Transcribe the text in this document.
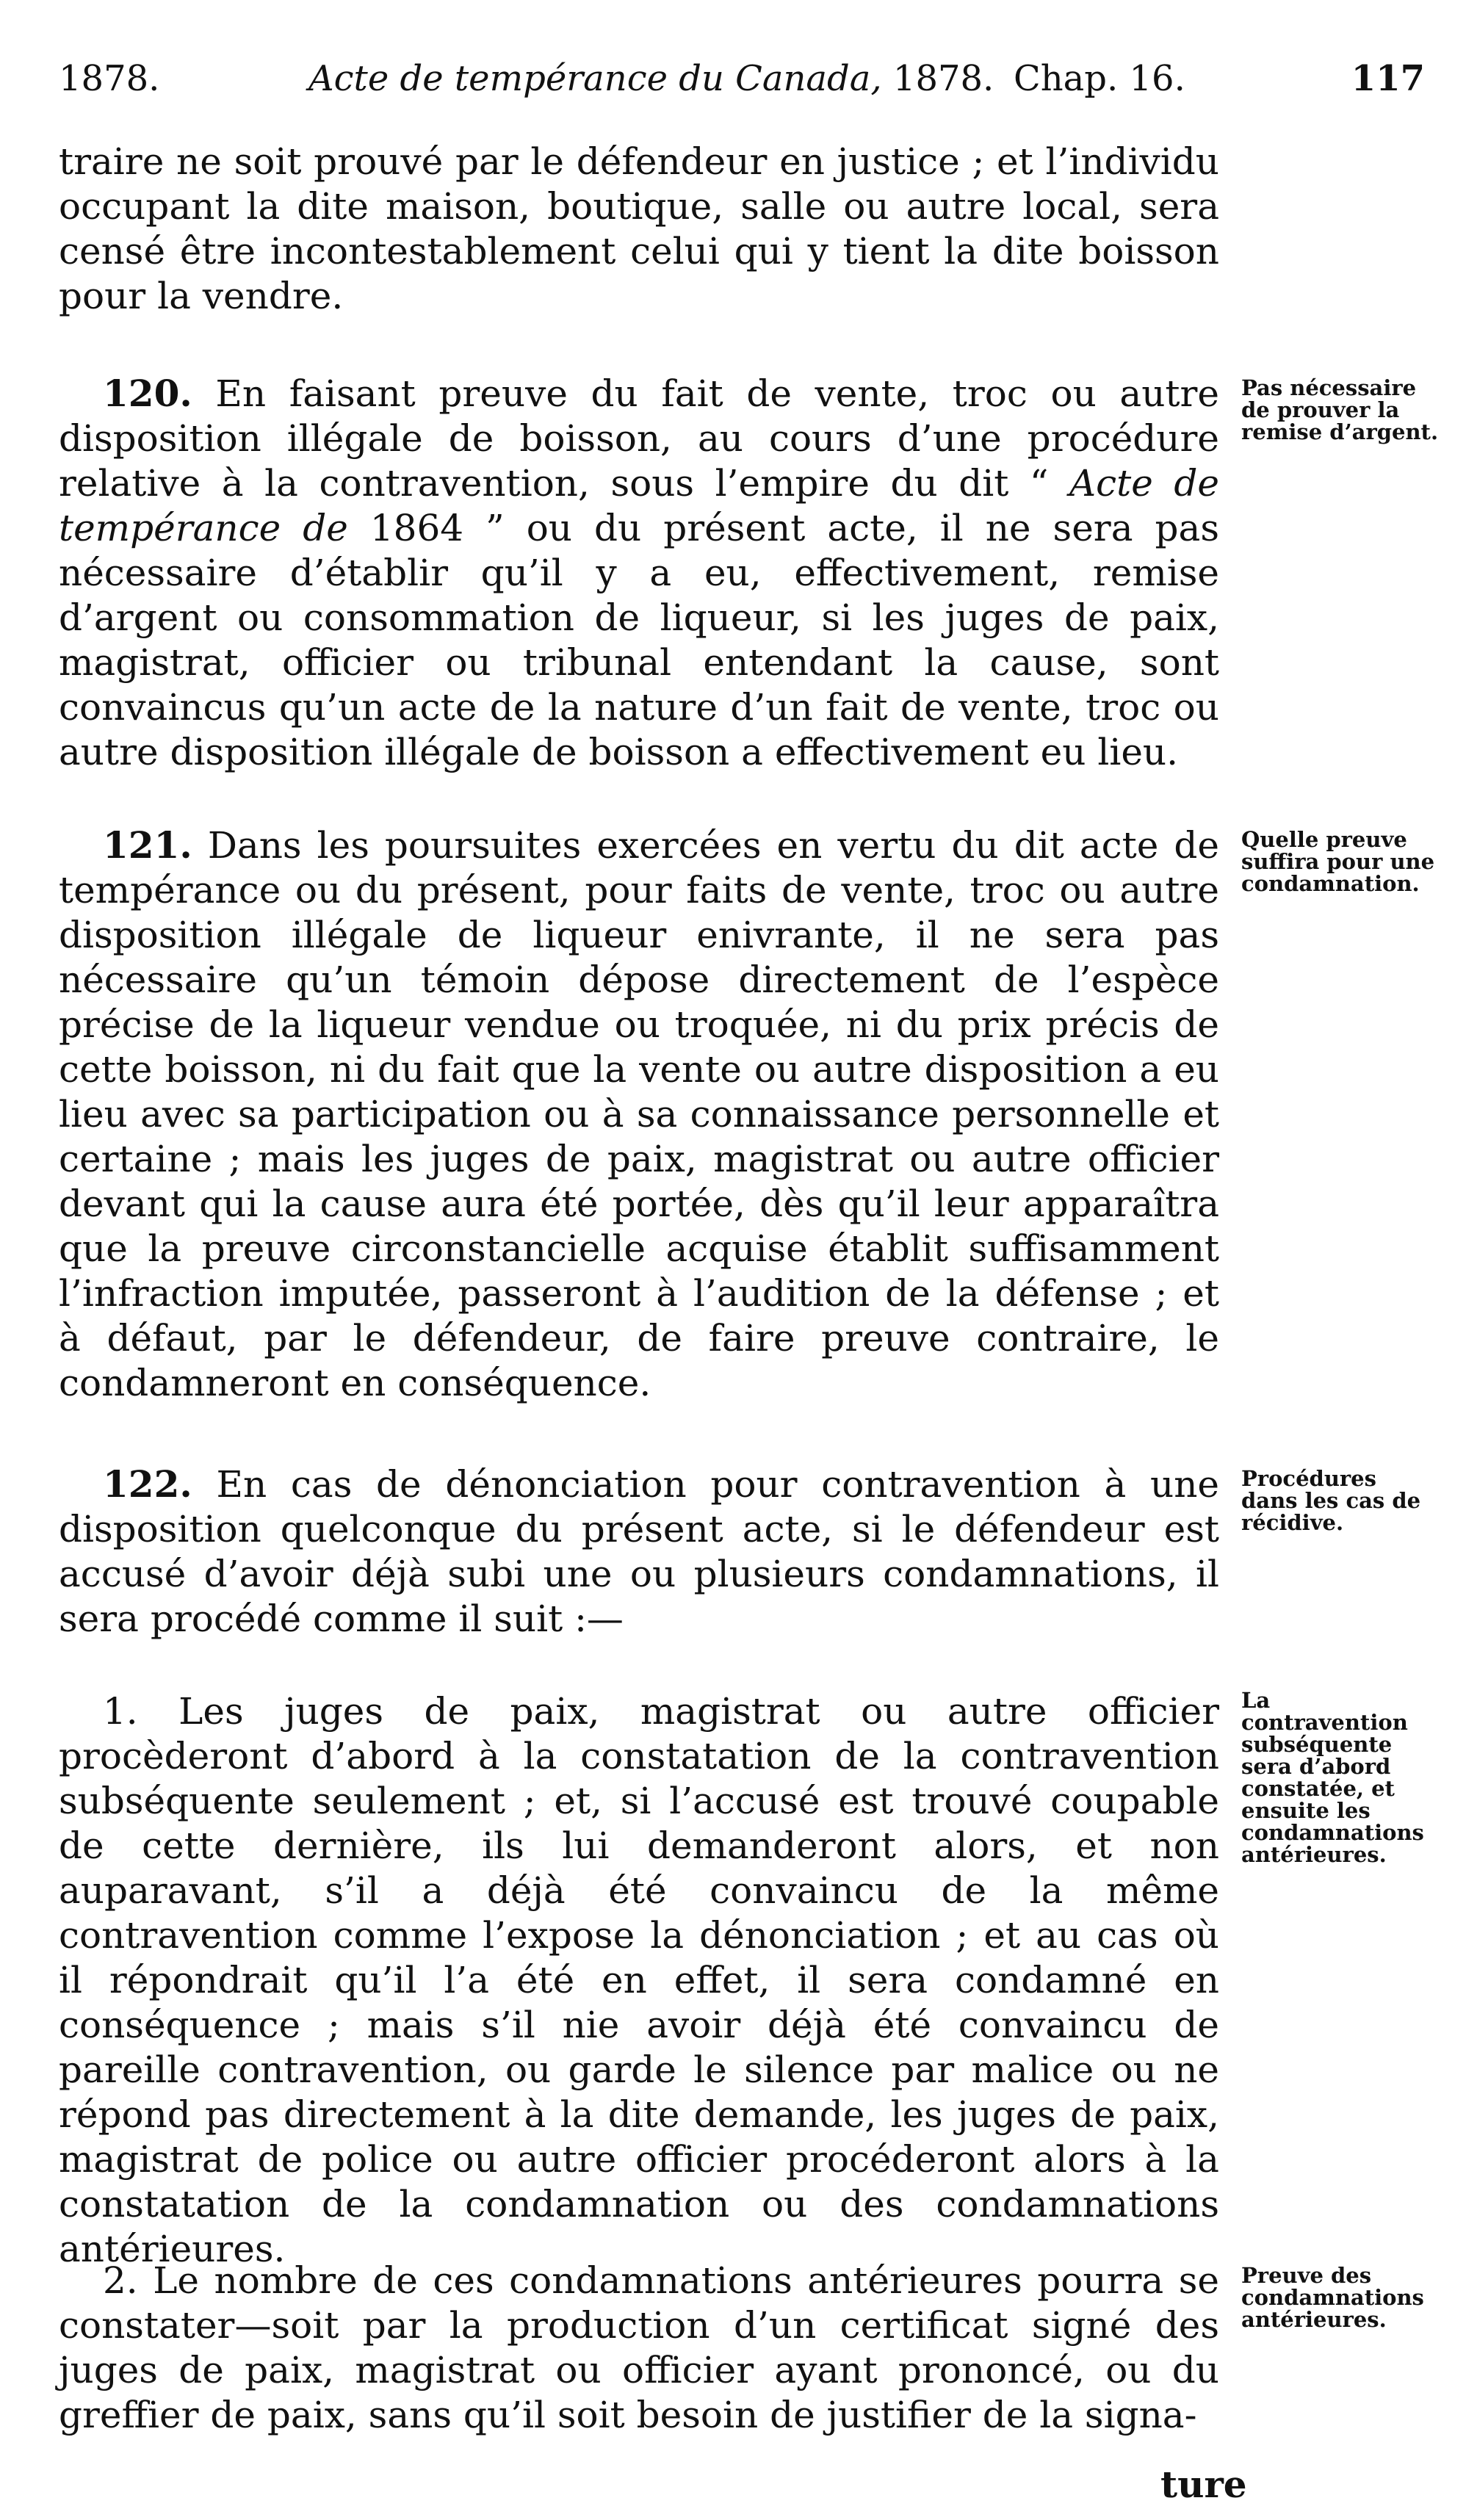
1878.	Acte de tempérance du Canada, 1878. Chap. 16.	117

traire ne soit prouvé par le défendeur en justice ; et l’individu occupant la dite maison, boutique, salle ou autre local, sera censé être incontestablement celui qui y tient la dite boisson pour la vendre.

120. En faisant preuve du fait de vente, troc ou autre disposition illégale de boisson, au cours d’une procédure relative à la contravention, sous l’empire du dit “ Acte de tempérance de 1864 ” ou du présent acte, il ne sera pas nécessaire d’établir qu’il y a eu, effectivement, remise d’argent ou consommation de liqueur, si les juges de paix, magistrat, officier ou tribunal entendant la cause, sont convaincus qu’un acte de la nature d’un fait de vente, troc ou autre disposition illégale de boisson a effectivement eu lieu.

Pas nécessaire de prouver la remise d’argent.

121. Dans les poursuites exercées en vertu du dit acte de tempérance ou du présent, pour faits de vente, troc ou autre disposition illégale de liqueur enivrante, il ne sera pas nécessaire qu’un témoin dépose directement de l’espèce précise de la liqueur vendue ou troquée, ni du prix précis de cette boisson, ni du fait que la vente ou autre disposition a eu lieu avec sa participation ou à sa connaissance personnelle et certaine ; mais les juges de paix, magistrat ou autre officier devant qui la cause aura été portée, dès qu’il leur apparaîtra que la preuve circonstancielle acquise établit suffisamment l’infraction imputée, passeront à l’audition de la défense ; et à défaut, par le défendeur, de faire preuve contraire, le condamneront en conséquence.

Quelle preuve suffira pour une condamnation.

122. En cas de dénonciation pour contravention à une disposition quelconque du présent acte, si le défendeur est accusé d’avoir déjà subi une ou plusieurs condamnations, il sera procédé comme il suit :—

Procédures dans les cas de récidive.

1. Les juges de paix, magistrat ou autre officier procèderont d’abord à la constatation de la contravention subséquente seulement ; et, si l’accusé est trouvé coupable de cette dernière, ils lui demanderont alors, et non auparavant, s’il a déjà été convaincu de la même contravention comme l’expose la dénonciation ; et au cas où il répondrait qu’il l’a été en effet, il sera condamné en conséquence ; mais s’il nie avoir déjà été convaincu de pareille contravention, ou garde le silence par malice ou ne répond pas directement à la dite demande, les juges de paix, magistrat de police ou autre officier procéderont alors à la constatation de la condamnation ou des condamnations antérieures.

La contravention subséquente sera d’abord constatée, et ensuite les condamnations antérieures.

2. Le nombre de ces condamnations antérieures pourra se constater—soit par la production d’un certificat signé des juges de paix, magistrat ou officier ayant prononcé, ou du greffier de paix, sans qu’il soit besoin de justifier de la signa-

Preuve des condamnations antérieures.
ture
